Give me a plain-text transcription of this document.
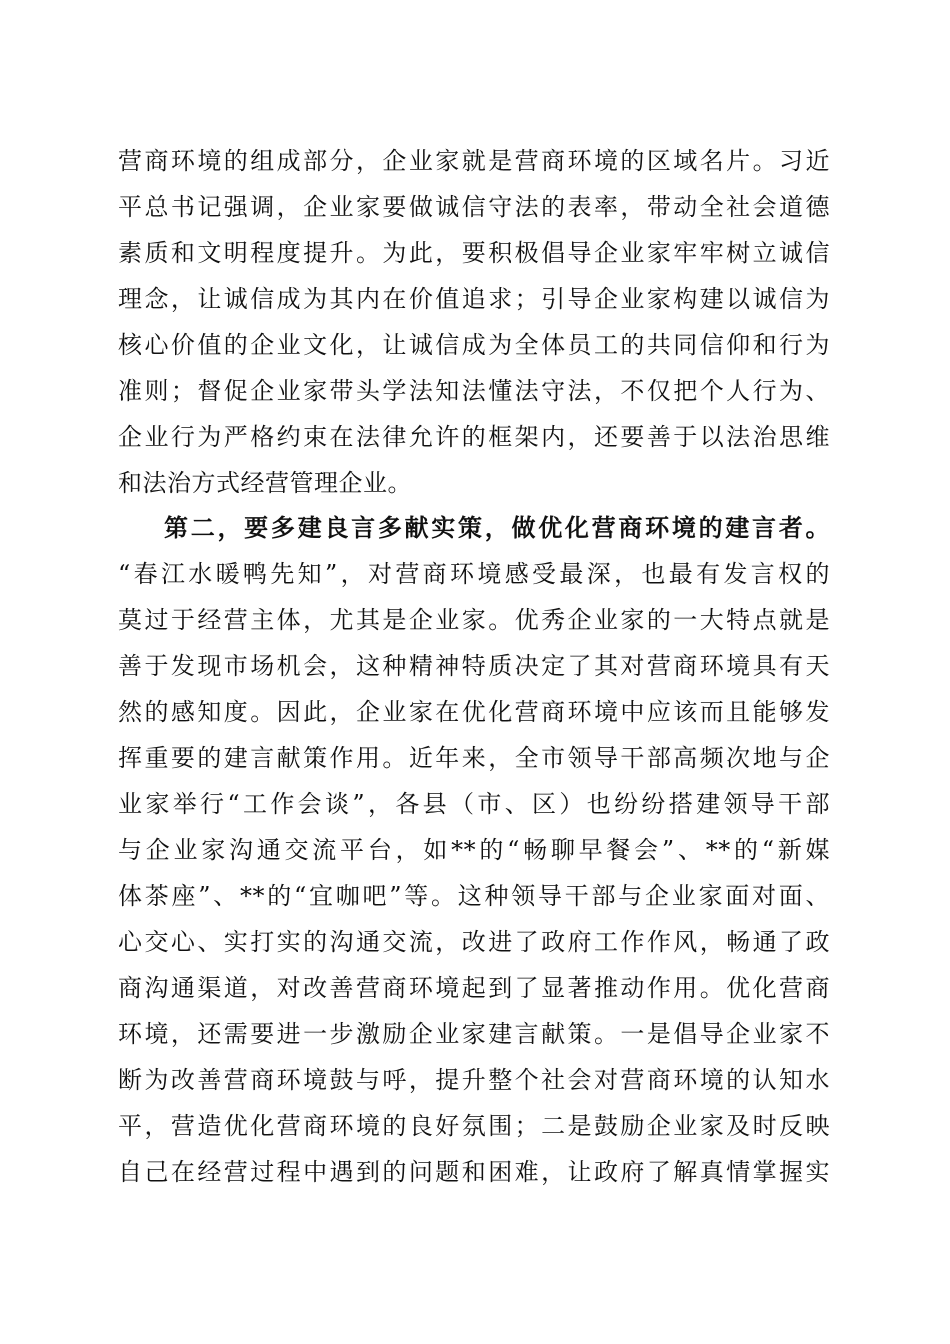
营商环境的组成部分，企业家就是营商环境的区域名片。习近
平总书记强调，企业家要做诚信守法的表率，带动全社会道德
素质和文明程度提升。为此，要积极倡导企业家牢牢树立诚信
理念，让诚信成为其内在价值追求；引导企业家构建以诚信为
核心价值的企业文化，让诚信成为全体员工的共同信仰和行为
准则；督促企业家带头学法知法懂法守法，不仅把个人行为、
企业行为严格约束在法律允许的框架内，还要善于以法治思维
和法治方式经营管理企业。
第二，要多建良言多献实策，做优化营商环境的建言者。
“春江水暖鸭先知”，对营商环境感受最深，也最有发言权的
莫过于经营主体，尤其是企业家。优秀企业家的一大特点就是
善于发现市场机会，这种精神特质决定了其对营商环境具有天
然的感知度。因此，企业家在优化营商环境中应该而且能够发
挥重要的建言献策作用。近年来，全市领导干部高频次地与企
业家举行“工作会谈”，各县（市、区）也纷纷搭建领导干部
与企业家沟通交流平台，如**的“畅聊早餐会”、**的“新媒
体茶座”、**的“宜咖吧”等。这种领导干部与企业家面对面、
心交心、实打实的沟通交流，改进了政府工作作风，畅通了政
商沟通渠道，对改善营商环境起到了显著推动作用。优化营商
环境，还需要进一步激励企业家建言献策。一是倡导企业家不
断为改善营商环境鼓与呼，提升整个社会对营商环境的认知水
平，营造优化营商环境的良好氛围；二是鼓励企业家及时反映
自己在经营过程中遇到的问题和困难，让政府了解真情掌握实
